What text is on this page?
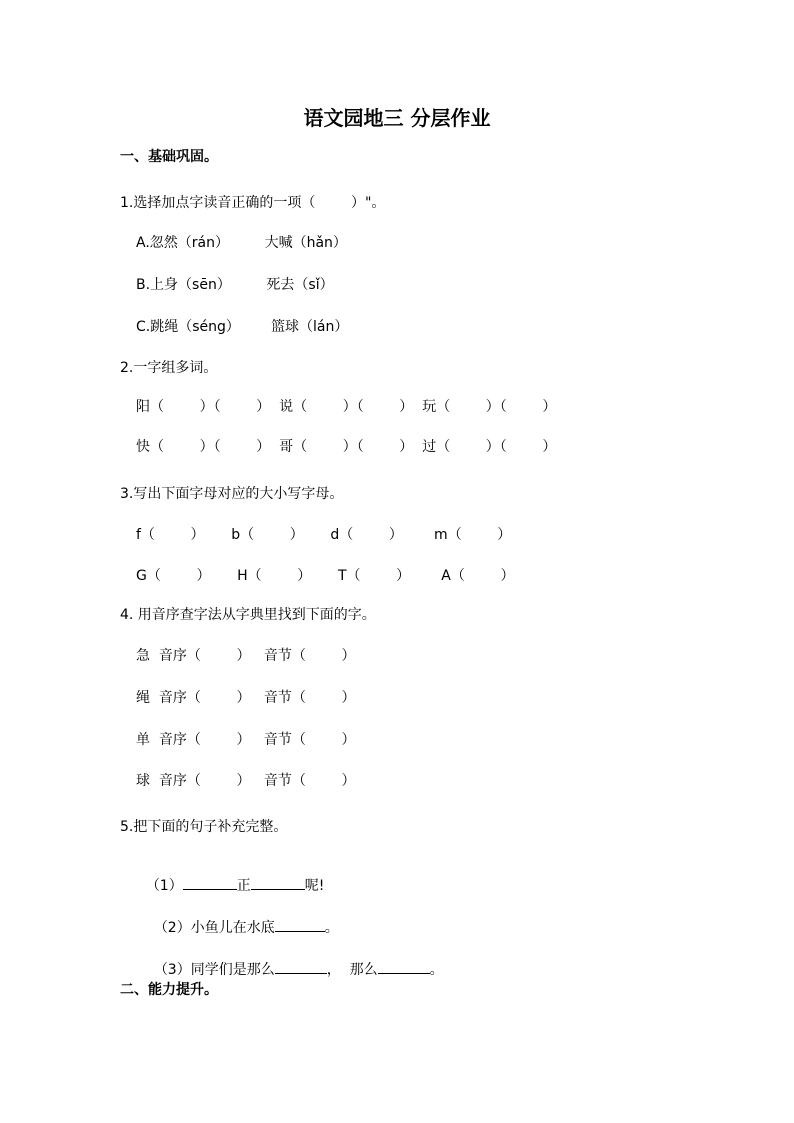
语文园地三 分层作业
一、基础巩固。
1.选择加点字读音正确的一项（        ）"。
A.忽然（rán）        大喊（hǎn）
B.上身（sēn）        死去（sǐ）
C.跳绳（séng）       篮球（lán）
2.一字组多词。
阳（        ）（        ）  说（        ）（        ）  玩（        ）（        ）
快（        ）（        ）  哥（        ）（        ）  过（        ）（        ）
3.写出下面字母对应的大小写字母。
f（        ）      b（        ）      d（        ）       m（        ）
G（        ）      H（        ）      T（        ）       A（        ）
4. 用音序查字法从字典里找到下面的字。
急  音序（        ）   音节（        ）
绳  音序（        ）   音节（        ）
单  音序（        ）   音节（        ）
球  音序（        ）   音节（        ）
5.把下面的句子补充完整。

（1）	正	呢!

（2）小鱼儿在水底	。

（3）同学们是那么	，  那么	。

二、能力提升。
